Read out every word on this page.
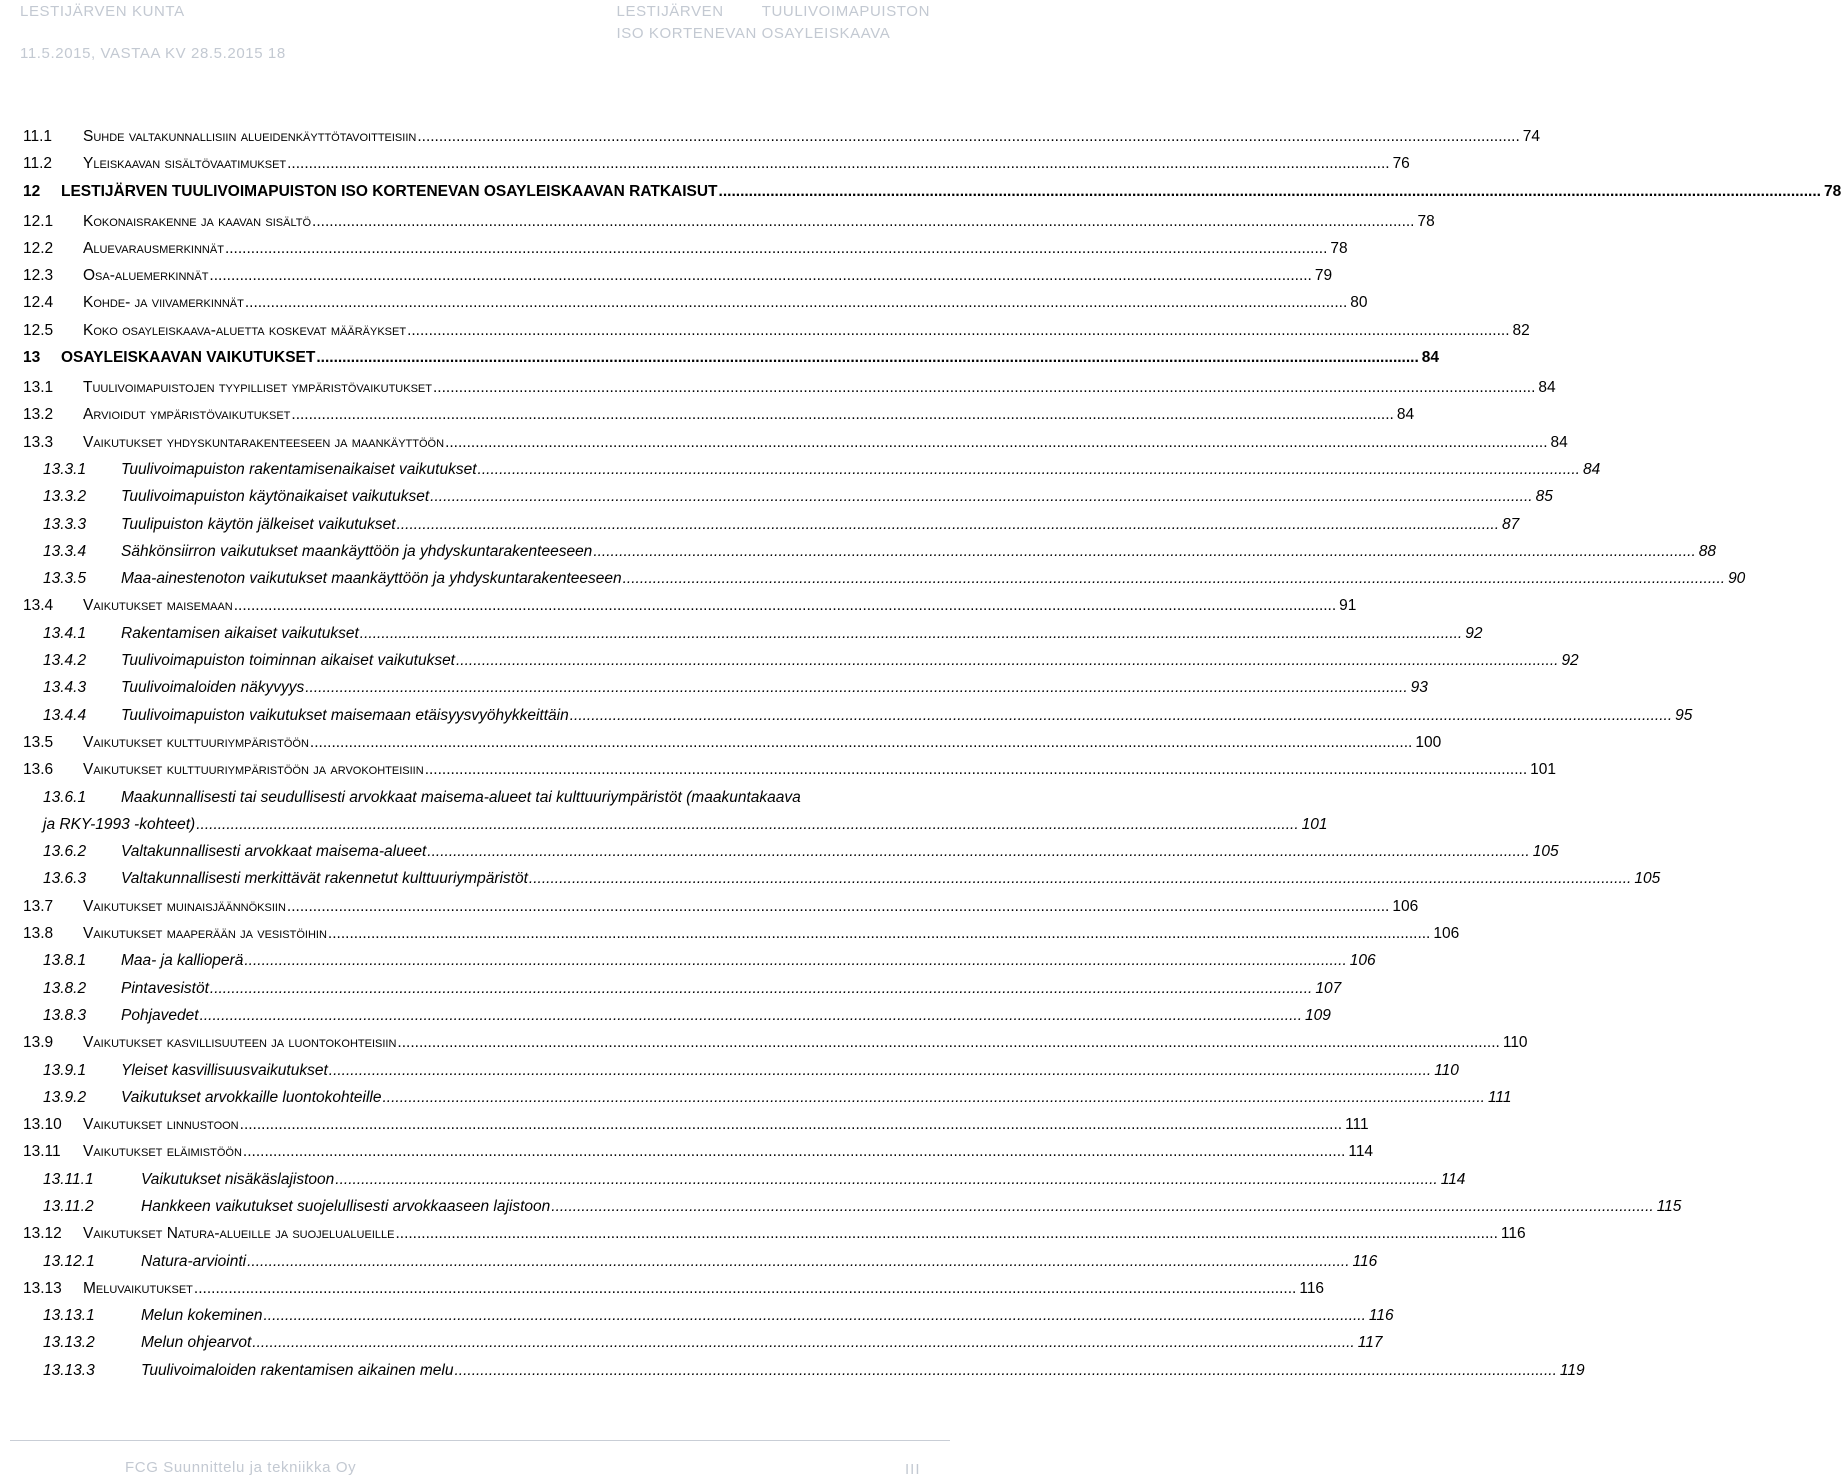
LESTIJÄRVEN KUNTA
11.5.2015, VASTAA KV 28.5.2015 18
LESTIJÄRVEN	TUULIVOIMAPUISTON
ISO KORTENEVAN OSAYLEISKAAVA
11.1	Suhde valtakunnallisiin alueidenkäyttötavoitteisiin .....	74
11.2	Yleiskaavan sisältövaatimukset .....	76
12	LESTIJÄRVEN TUULIVOIMAPUISTON ISO KORTENEVAN OSAYLEISKAAVAN RATKAISUT .....	78
12.1	Kokonaisrakenne ja kaavan sisältö .....	78
12.2	Aluevarausmerkinnät .....	78
12.3	Osa-aluemerkinnät .....	79
12.4	Kohde- ja viivamerkinnät .....	80
12.5	Koko osayleiskaava-aluetta koskevat määräykset .....	82
13	OSAYLEISKAAVAN VAIKUTUKSET .....	84
13.1	Tuulivoimapuistojen tyypilliset ympäristövaikutukset .....	84
13.2	Arvioidut ympäristövaikutukset .....	84
13.3	Vaikutukset yhdyskuntarakenteeseen ja maankäyttöön .....	84
13.3.1	Tuulivoimapuiston rakentamisenaikaiset vaikutukset .....	84
13.3.2	Tuulivoimapuiston käytönaikaiset vaikutukset .....	85
13.3.3	Tuulipuiston käytön jälkeiset vaikutukset .....	87
13.3.4	Sähkönsiirron vaikutukset maankäyttöön ja yhdyskuntarakenteeseen .....	88
13.3.5	Maa-ainestenoton vaikutukset maankäyttöön ja yhdyskuntarakenteeseen .....	90
13.4	Vaikutukset maisemaan .....	91
13.4.1	Rakentamisen aikaiset vaikutukset .....	92
13.4.2	Tuulivoimapuiston toiminnan aikaiset vaikutukset .....	92
13.4.3	Tuulivoimaloiden näkyvyys .....	93
13.4.4	Tuulivoimapuiston vaikutukset maisemaan etäisyysvyöhykkeittäin .....	95
13.5	Vaikutukset kulttuuriympäristöön .....	100
13.6	Vaikutukset kulttuuriympäristöön ja arvokohteisiin .....	101
13.6.1 Maakunnallisesti tai seudullisesti arvokkaat maisema-alueet tai kulttuuriympäristöt (maakuntakaava
ja RKY-1993 -kohteet) .....	101
13.6.2	Valtakunnallisesti arvokkaat maisema-alueet .....	105
13.6.3	Valtakunnallisesti merkittävät rakennetut kulttuuriympäristöt .....	105
13.7	Vaikutukset muinaisjäännöksiin .....	106
13.8	Vaikutukset maaperään ja vesistöihin .....	106
13.8.1	Maa- ja kallioperä .....	106
13.8.2	Pintavesistöt .....	107
13.8.3	Pohjavedet .....	109
13.9	Vaikutukset kasvillisuuteen ja luontokohteisiin .....	110
13.9.1	Yleiset kasvillisuusvaikutukset .....	110
13.9.2	Vaikutukset arvokkaille luontokohteille .....	111
13.10	Vaikutukset linnustoon .....	111
13.11	Vaikutukset eläimistöön .....	114
13.11.1	Vaikutukset nisäkäslajistoon .....	114
13.11.2	Hankkeen vaikutukset suojelullisesti arvokkaaseen lajistoon .....	115
13.12	Vaikutukset Natura-alueille ja suojelualueille .....	116
13.12.1	Natura-arviointi .....	116
13.13	Meluvaikutukset .....	116
13.13.1	Melun kokeminen .....	116
13.13.2	Melun ohjearvot .....	117
13.13.3	Tuulivoimaloiden rakentamisen aikainen melu .....	119
FCG Suunnittelu ja tekniikka Oy	III
